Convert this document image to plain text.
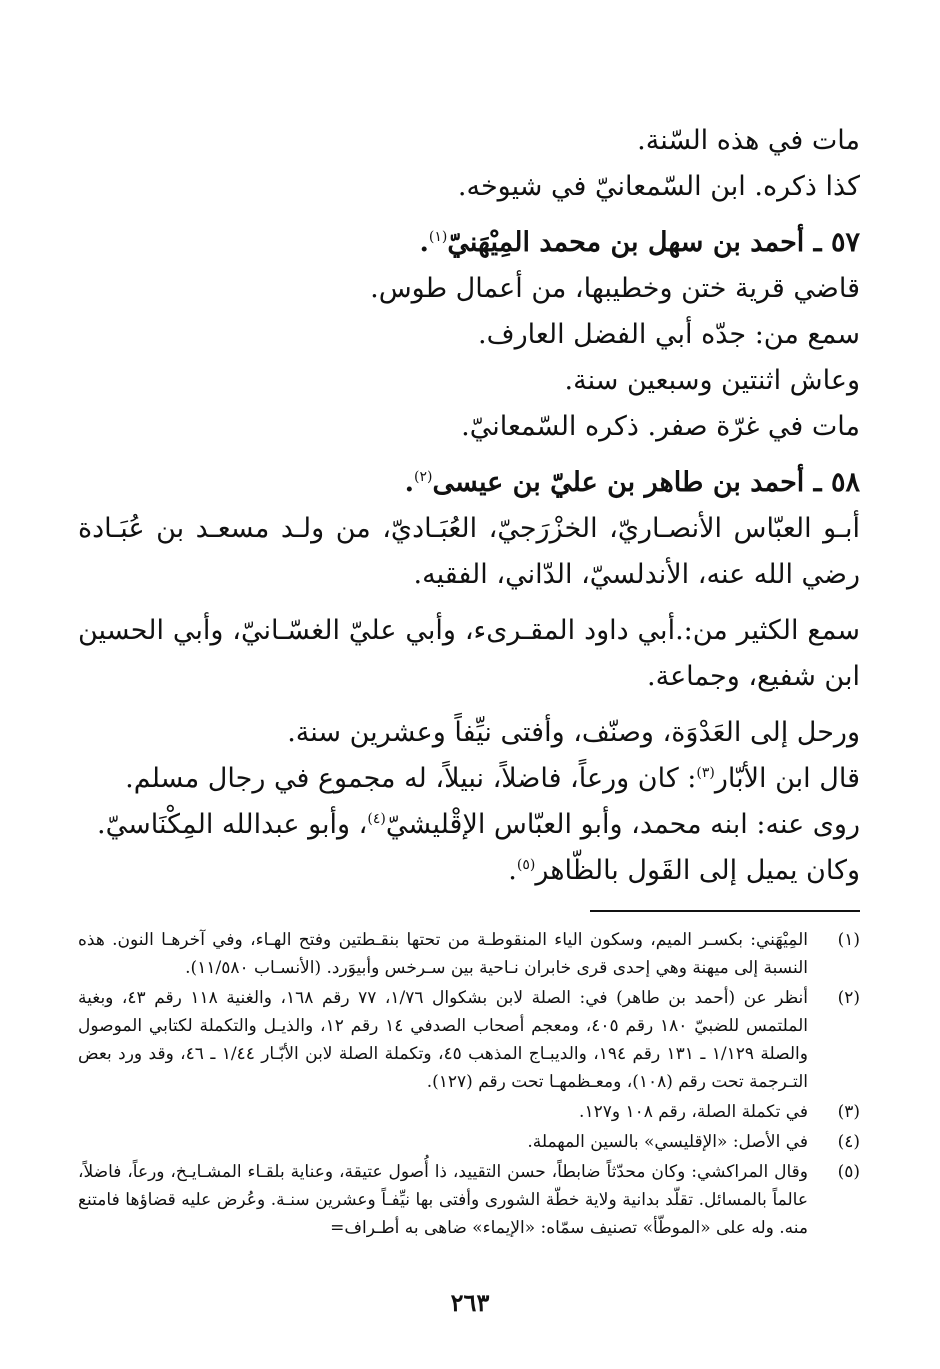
مات في هذه السّنة.
كذا ذكره. ابن السّمعانيّ في شيوخه.
٥٧ ـ أحمد بن سهل بن محمد المِيْهَنيّ$^{(١)}$.
قاضي قرية ختن وخطيبها، من أعمال طوس.
سمع من: جدّه أبي الفضل العارف.
وعاش اثنتين وسبعين سنة.
مات في غرّة صفر. ذكره السّمعانيّ.
٥٨ ـ أحمد بن طاهر بن عليّ بن عيسى$^{(٢)}$.
أبـو العبّاس الأنصـاريّ، الخزْرَجيّ، العُبَـاديّ، من ولـد مسعـد بن عُبَـادة
رضي الله عنه، الأندلسيّ، الدّاني، الفقيه.
سمع الكثير من:.أبي داود المقـرىء، وأبي عليّ الغسّـانيّ، وأبي الحسين
ابن شفيع، وجماعة.
ورحل إلى العَدْوَة، وصنّف، وأفتى نيِّفاً وعشرين سنة.
قال ابن الأبّار$^{(٣)}$: كان ورعاً، فاضلاً، نبيلاً، له مجموع في رجال مسلم.
روى عنه: ابنه محمد، وأبو العبّاس الإقْليشيّ$^{(٤)}$، وأبو عبدالله المِكْنَاسيّ.
وكان يميل إلى القَول بالظّاهر$^{(٥)}$.
(١)
المِيْهَني: بكسـر الميم، وسكون الياء المنقوطـة من تحتها بنقـطتين وفتح الهـاء، وفي آخرهـا النون. هذه النسبة إلى ميهنة وهي إحدى قرى خابران نـاحية بين سـرخس وأبيوَرد. (الأنسـاب ١١/٥٨٠).
(٢)
أنظر عن (أحمد بن طاهر) في: الصلة لابن بشكوال ١/٧٦، ٧٧ رقم ١٦٨، والغنية ١١٨ رقم ٤٣، وبغية الملتمس للضبيّ ١٨٠ رقم ٤٠٥، ومعجم أصحاب الصدفي ١٤ رقم ١٢، والذيـل والتكملة لكتابي الموصول والصلة ١/١٢٩ ـ ١٣١ رقم ١٩٤، والديبـاج المذهب ٤٥، وتكملة الصلة لابن الأبّـار ١/٤٤ ـ ٤٦، وقد ورد بعض التـرجمة تحت رقم (١٠٨)، ومعـظمهـا تحت رقم (١٢٧).
(٣)
في تكملة الصلة، رقم ١٠٨ و١٢٧.
(٤)
في الأصل: «الإقليسي» بالسين المهملة.
(٥)
وقال المراكشي: وكان محدّثاً ضابطاً، حسن التقييد، ذا أُصول عتيقة، وعناية بلقـاء المشـايـخ، ورعاً، فاضلاً، عالماً بالمسائل. تقلّد بدانية ولاية خطّة الشورى وأفتى بها نيِّفـاً وعشرين سنـة. وعُرض عليه قضاؤها فامتنع منه. وله على «الموطّأ» تصنيف سمّاه: «الإيماء» ضاهى به أطـراف=
٢٦٣
